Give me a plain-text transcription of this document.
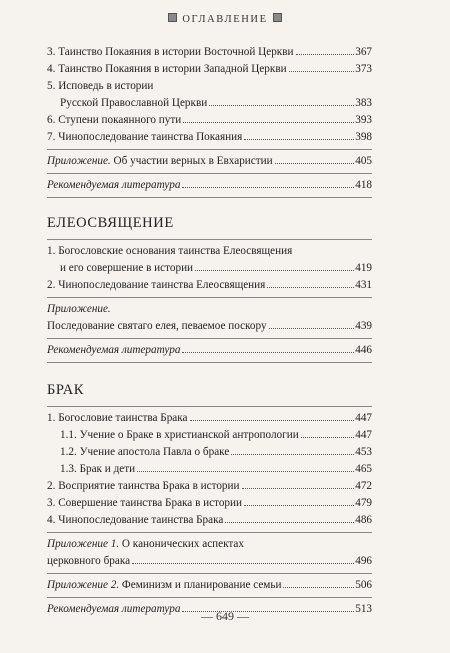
ОГЛАВЛЕНИЕ
3.
Таинство Покаяния в истории Восточной Церкви	367
4.
Таинство Покаяния в истории Западной Церкви	373
5. Исповедь в истории
Русской Православной Церкви	383
6.
Ступени покаянного пути	393
7.
Чинопоследование таинства Покаяния	398
Приложение.
Об участии верных в Евхаристии	405
Рекомендуемая литература	418
ЕЛЕОСВЯЩЕНИЕ
1. Богословские основания таинства Елеосвящения
и его совершение в истории	419
2.
Чинопоследование таинства Елеосвящения	431
Приложение.
Последование святаго елея, певаемое поскору	439
Рекомендуемая литература	446
БРАК
1.
Богословие таинства Брака	447
1.1.
Учение о Браке в христианской антропологии	447
1.2.
Учение апостола Павла о браке	453
1.3.
Брак и дети	465
2.
Восприятие таинства Брака в истории	472
3.
Совершение таинства Брака в истории	479
4.
Чинопоследование таинства Брака	486
Приложение 1. О канонических аспектах
церковного брака	496
Приложение 2.
Феминизм и планирование семьи	506
Рекомендуемая литература	513
— 649 —
